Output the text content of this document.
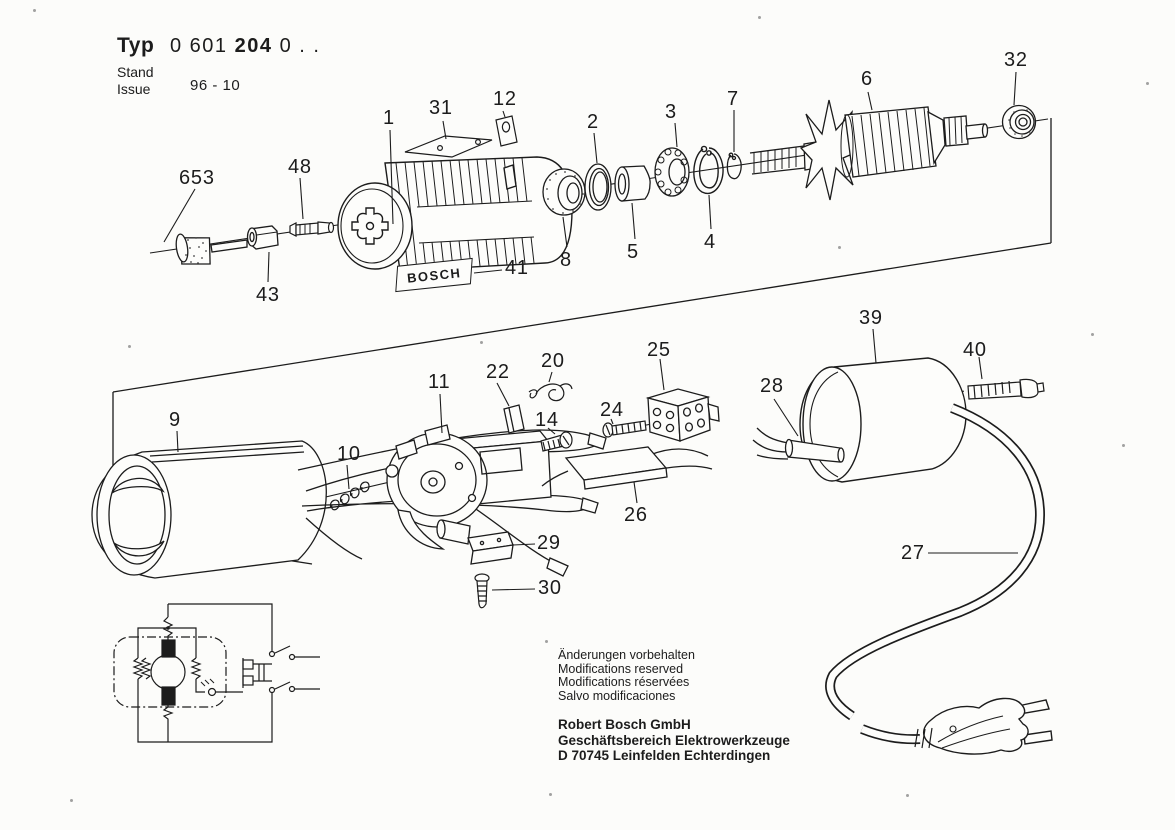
Typ 0 601 204 0 . .
Stand
Issue	96 - 10
BOSCH
653	48
43
1 31 12
41 8
2
5
3
7
4
6
32
9
10
11 22 20
14 24
25
26
28
39
40
29
30
27
Änderungen vorbehalten
Modifications reserved
Modifications réservées
Salvo modificaciones
Robert Bosch GmbH
Geschäftsbereich Elektrowerkzeuge
D 70745 Leinfelden Echterdingen
